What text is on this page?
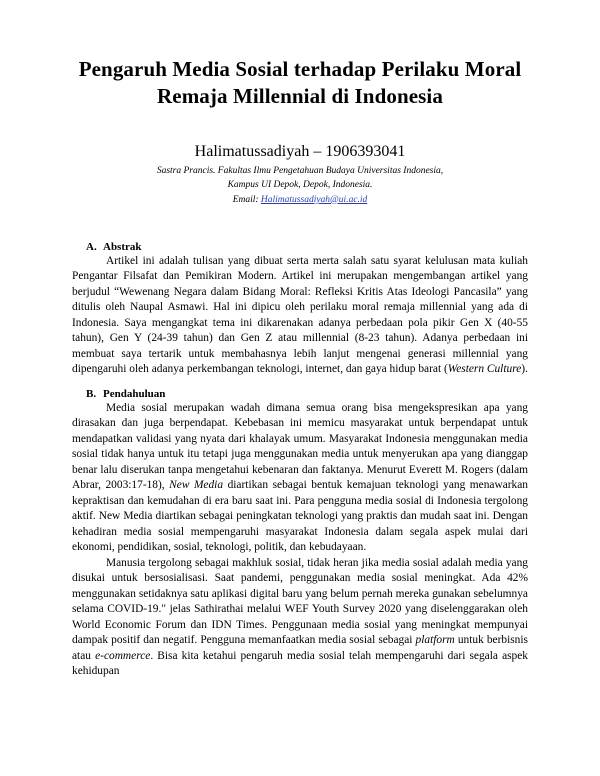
Pengaruh Media Sosial terhadap Perilaku Moral Remaja Millennial di Indonesia
Halimatussadiyah – 1906393041
Sastra Prancis. Fakultas Ilmu Pengetahuan Budaya Universitas Indonesia,
Kampus UI Depok, Depok, Indonesia.
Email: Halimatussadiyah@ui.ac.id
A. Abstrak

Artikel ini adalah tulisan yang dibuat serta merta salah satu syarat kelulusan mata kuliah Pengantar Filsafat dan Pemikiran Modern. Artikel ini merupakan mengembangan artikel yang berjudul “Wewenang Negara dalam Bidang Moral: Refleksi Kritis Atas Ideologi Pancasila” yang ditulis oleh Naupal Asmawi. Hal ini dipicu oleh perilaku moral remaja millennial yang ada di Indonesia. Saya mengangkat tema ini dikarenakan adanya perbedaan pola pikir Gen X (40-55 tahun), Gen Y (24-39 tahun) dan Gen Z atau millennial (8-23 tahun). Adanya perbedaan ini membuat saya tertarik untuk membahasnya lebih lanjut mengenai generasi millennial yang dipengaruhi oleh adanya perkembangan teknologi, internet, dan gaya hidup barat (Western Culture).

B. Pendahuluan

Media sosial merupakan wadah dimana semua orang bisa mengekspresikan apa yang dirasakan dan juga berpendapat. Kebebasan ini memicu masyarakat untuk berpendapat untuk mendapatkan validasi yang nyata dari khalayak umum. Masyarakat Indonesia menggunakan media sosial tidak hanya untuk itu tetapi juga menggunakan media untuk menyerukan apa yang dianggap benar lalu diserukan tanpa mengetahui kebenaran dan faktanya. Menurut Everett M. Rogers (dalam Abrar, 2003:17-18), New Media diartikan sebagai bentuk kemajuan teknologi yang menawarkan kepraktisan dan kemudahan di era baru saat ini. Para pengguna media sosial di Indonesia tergolong aktif. New Media diartikan sebagai peningkatan teknologi yang praktis dan mudah saat ini. Dengan kehadiran media sosial mempengaruhi masyarakat Indonesia dalam segala aspek mulai dari ekonomi, pendidikan, sosial, teknologi, politik, dan kebudayaan.

Manusia tergolong sebagai makhluk sosial, tidak heran jika media sosial adalah media yang disukai untuk bersosialisasi. Saat pandemi, penggunakan media sosial meningkat. Ada 42% menggunakan setidaknya satu aplikasi digital baru yang belum pernah mereka gunakan sebelumnya selama COVID-19." jelas Sathirathai melalui WEF Youth Survey 2020 yang diselenggarakan oleh World Economic Forum dan IDN Times. Penggunaan media sosial yang meningkat mempunyai dampak positif dan negatif. Pengguna memanfaatkan media sosial sebagai platform untuk berbisnis atau e-commerce. Bisa kita ketahui pengaruh media sosial telah mempengaruhi dari segala aspek kehidupan
